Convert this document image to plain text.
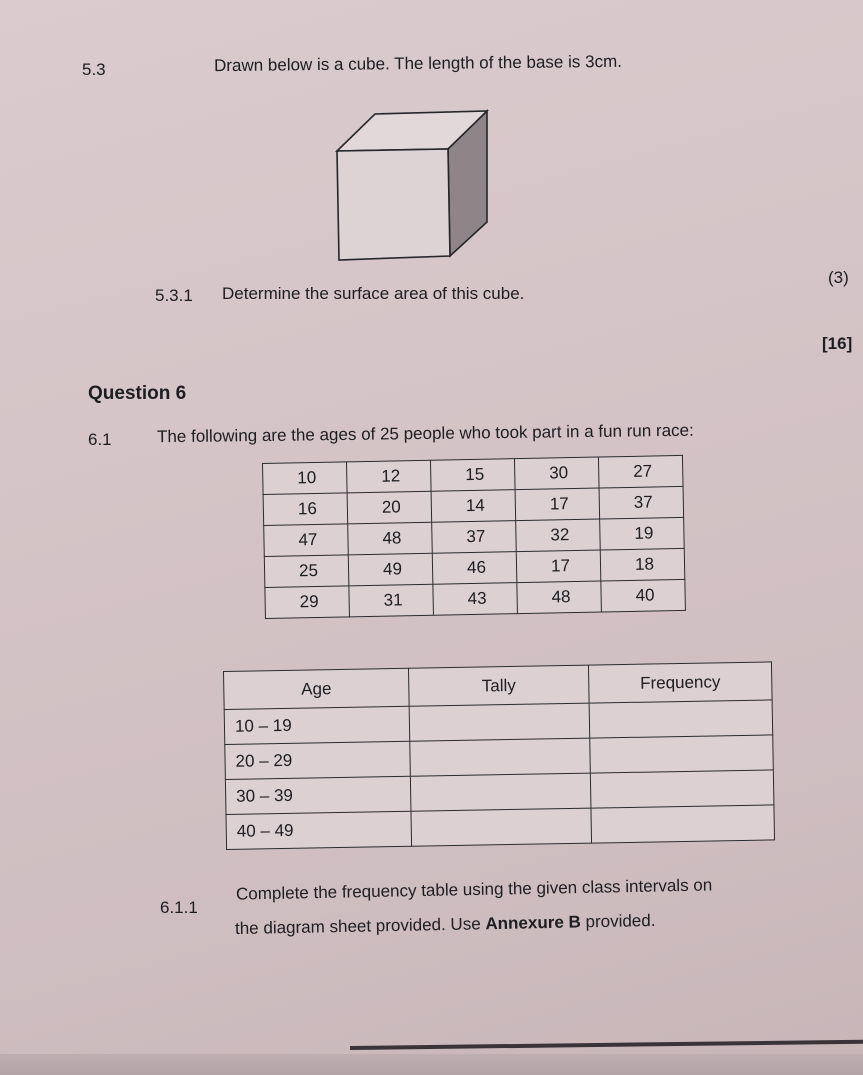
5.3	Drawn below is a cube. The length of the base is 3cm.
(3)
5.3.1 Determine the surface area of this cube.
[16]
Question 6
6.1	The following are the ages of 25 people who took part in a fun run race:
10	12	15	30	27
16	20	14	17	37
47	48	37	32	19
25	49	46	17	18
29	31	43	48	40
Age	Tally	Frequency
10 – 19		
20 – 29		
30 – 39		
40 – 49		
6.1.1
Complete the frequency table using the given class intervals on
the diagram sheet provided. Use Annexure B provided.
